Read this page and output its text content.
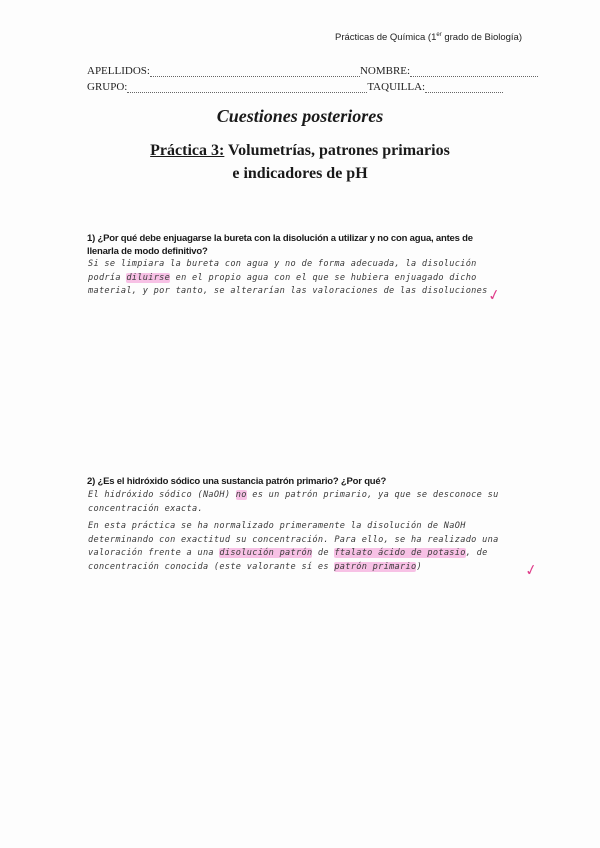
Prácticas de Química (1er grado de Biología)
APELLIDOS:	NOMBRE:
GRUPO:	TAQUILLA:
Cuestiones posteriores
Práctica 3: Volumetrías, patrones primarios
e indicadores de pH
1) ¿Por qué debe enjuagarse la bureta con la disolución a utilizar y no con agua, antes de llenarla de modo definitivo?
Si se limpiara la bureta con agua y no de forma adecuada, la disolución podría diluirse en el propio agua con el que se hubiera enjuagado dicho material, y por tanto, se alterarían las valoraciones de las disoluciones
✓
2) ¿Es el hidróxido sódico una sustancia patrón primario? ¿Por qué?
El hidróxido sódico (NaOH) no es un patrón primario, ya que se desconoce su concentración exacta.
En esta práctica se ha normalizado primeramente la disolución de NaOH determinando con exactitud su concentración. Para ello, se ha realizado una valoración frente a una disolución patrón de ftalato ácido de potasio, de concentración conocida (este valorante sí es patrón primario)	✓
